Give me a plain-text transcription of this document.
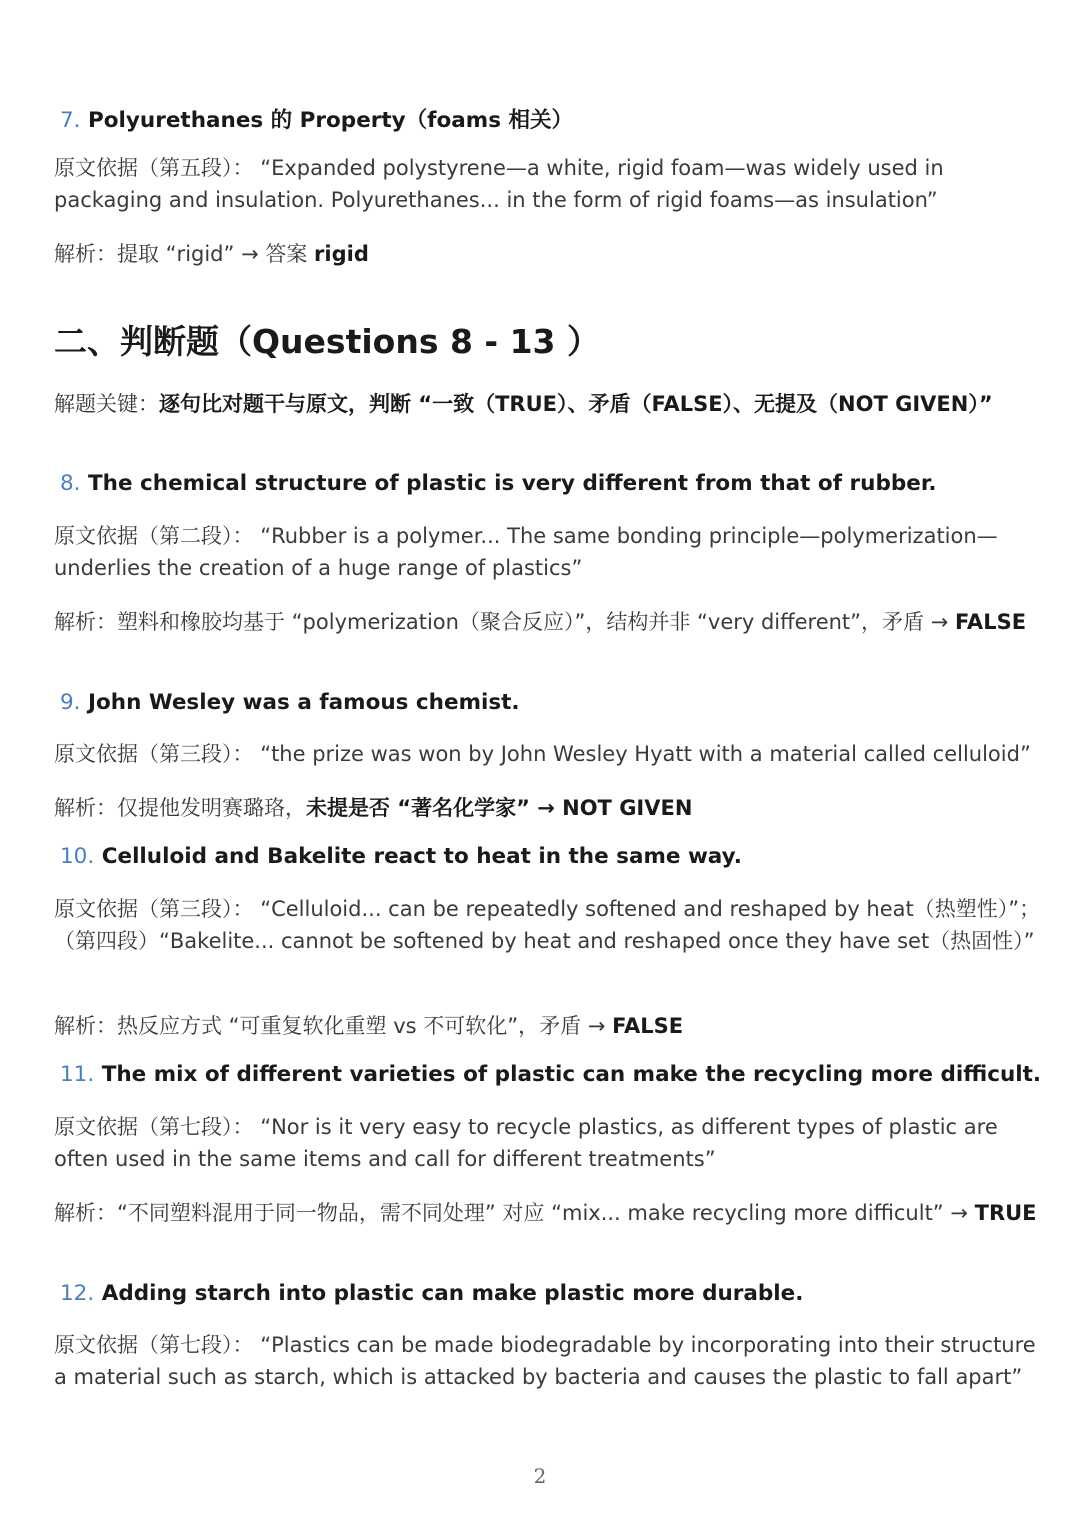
7. Polyurethanes 的 Property（foams 相关）
原文依据（第五段）： “Expanded polystyrene—a white, rigid foam—was widely used in packaging and insulation. Polyurethanes... in the form of rigid foams—as insulation”
解析：提取 “rigid” → 答案 rigid
二、判断题（Questions 8 - 13 ）
解题关键：逐句比对题干与原文，判断 “一致（TRUE）、矛盾（FALSE）、无提及（NOT GIVEN）”
8. The chemical structure of plastic is very different from that of rubber.
原文依据（第二段）： “Rubber is a polymer... The same bonding principle—polymerization—underlies the creation of a huge range of plastics”
解析：塑料和橡胶均基于 “polymerization（聚合反应）”，结构并非 “very different”，矛盾 → FALSE
9. John Wesley was a famous chemist.
原文依据（第三段）： “the prize was won by John Wesley Hyatt with a material called celluloid”
解析：仅提他发明赛璐珞，未提是否 “著名化学家” → NOT GIVEN
10. Celluloid and Bakelite react to heat in the same way.
原文依据（第三段）： “Celluloid... can be repeatedly softened and reshaped by heat（热塑性）”；（第四段）“Bakelite... cannot be softened by heat and reshaped once they have set（热固性）”
解析：热反应方式 “可重复软化重塑 vs 不可软化”，矛盾 → FALSE
11. The mix of different varieties of plastic can make the recycling more difficult.
原文依据（第七段）： “Nor is it very easy to recycle plastics, as different types of plastic are often used in the same items and call for different treatments”
解析：“不同塑料混用于同一物品，需不同处理” 对应 “mix... make recycling more difficult” → TRUE
12. Adding starch into plastic can make plastic more durable.
原文依据（第七段）： “Plastics can be made biodegradable by incorporating into their structure a material such as starch, which is attacked by bacteria and causes the plastic to fall apart”
2
